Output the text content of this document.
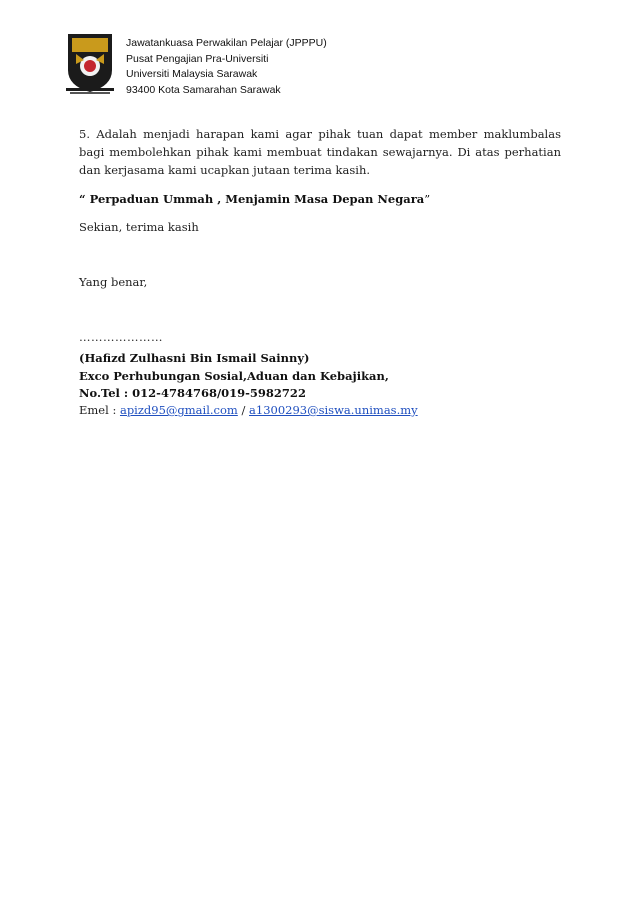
Jawatankuasa Perwakilan Pelajar (JPPPU)
Pusat Pengajian Pra-Universiti
Universiti Malaysia Sarawak
93400 Kota Samarahan Sarawak
5. Adalah menjadi harapan kami agar pihak tuan dapat member maklumbalas bagi membolehkan pihak kami membuat tindakan sewajarnya. Di atas perhatian dan kerjasama kami ucapkan jutaan terima kasih.
“ Perpaduan Ummah , Menjamin Masa Depan Negara”
Sekian, terima kasih
Yang benar,
…………………
(Hafizd Zulhasni Bin Ismail Sainny)
Exco Perhubungan Sosial,Aduan dan Kebajikan,
No.Tel : 012-4784768/019-5982722
Emel : apizd95@gmail.com / a1300293@siswa.unimas.my
